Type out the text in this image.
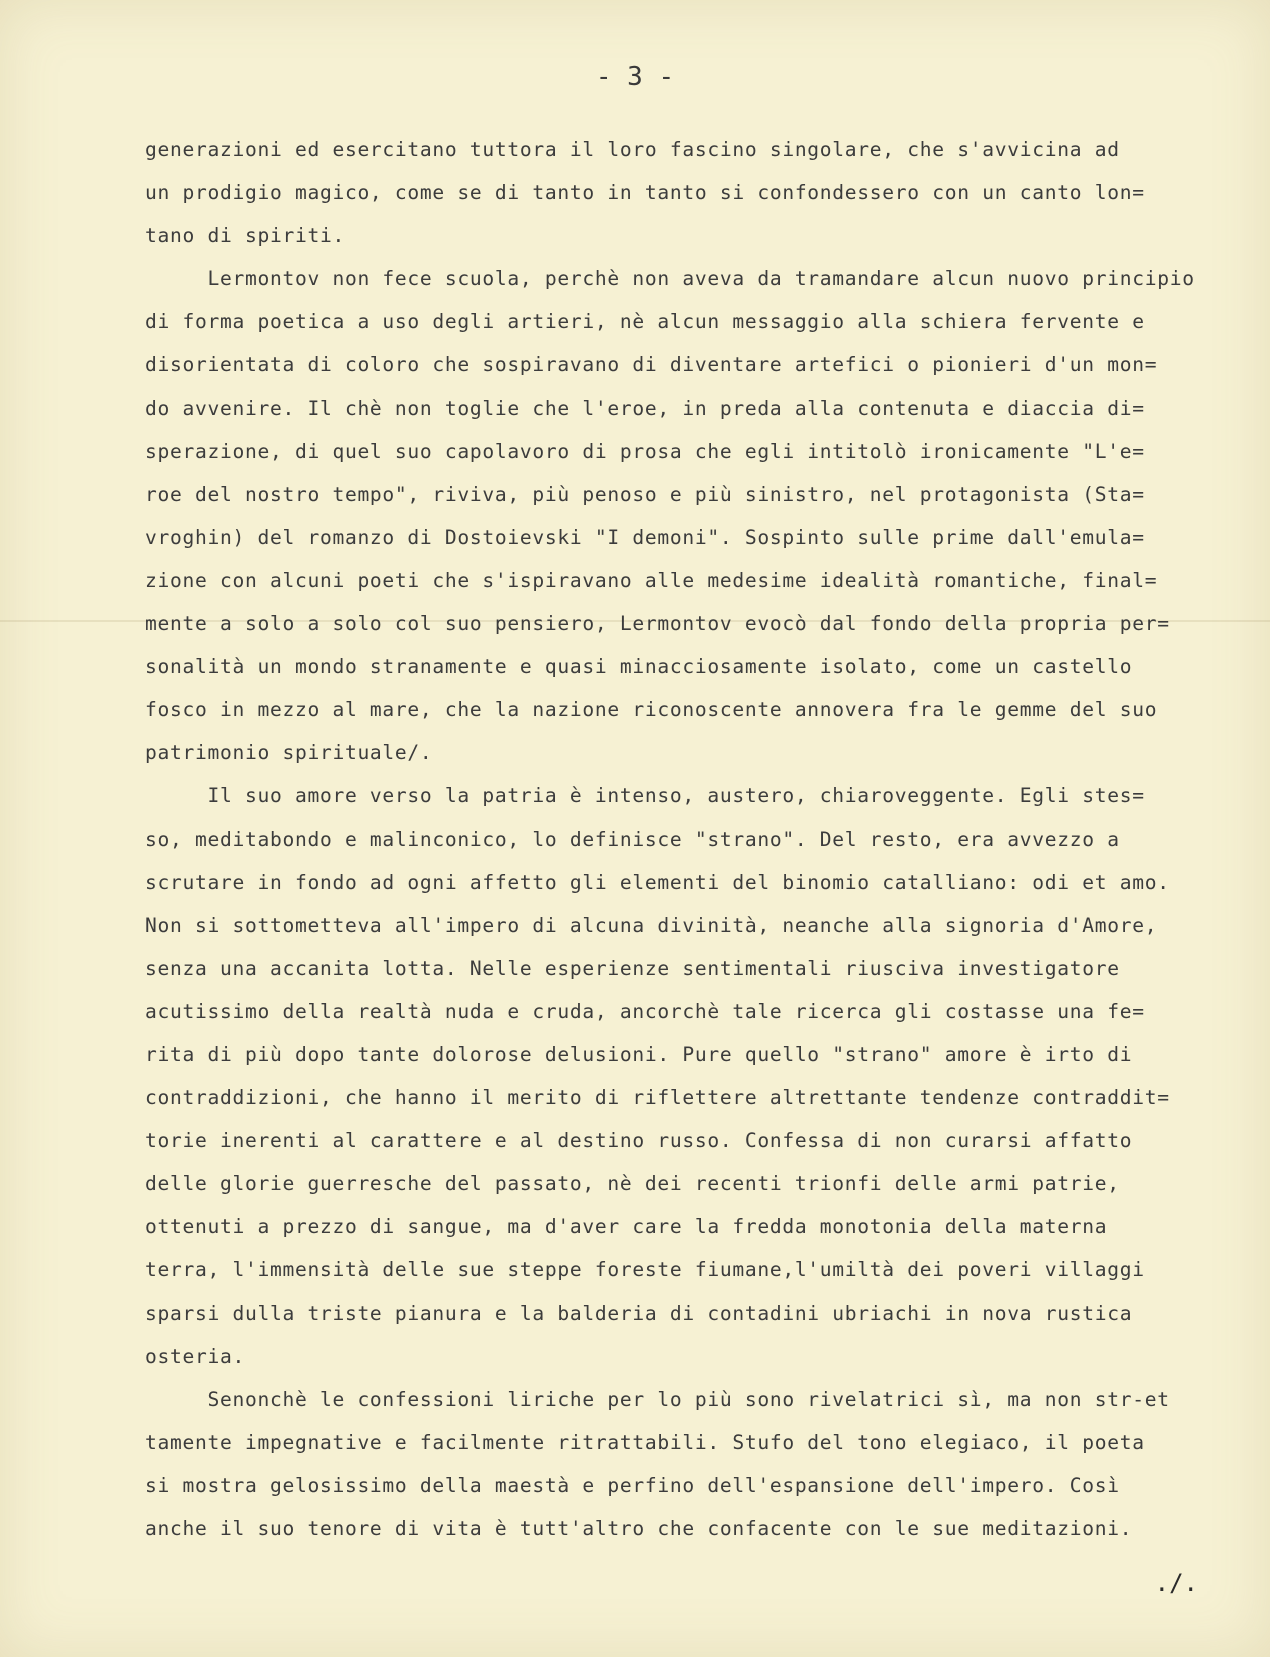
- 3 -
generazioni ed esercitano tuttora il loro fascino singolare, che s'avvicina ad
un prodigio magico, come se di tanto in tanto si confondessero con un canto lon=
tano di spiriti.
Lermontov non fece scuola, perchè non aveva da tramandare alcun nuovo principio
di forma poetica a uso degli artieri, nè alcun messaggio alla schiera fervente e
disorientata di coloro che sospiravano di diventare artefici o pionieri d'un mon=
do avvenire. Il chè non toglie che l'eroe, in preda alla contenuta e diaccia di=
sperazione, di quel suo capolavoro di prosa che egli intitolò ironicamente "L'e=
roe del nostro tempo", riviva, più penoso e più sinistro, nel protagonista (Sta=
vroghin) del romanzo di Dostoievski "I demoni". Sospinto sulle prime dall'emula=
zione con alcuni poeti che s'ispiravano alle medesime idealità romantiche, final=
mente a solo a solo col suo pensiero, Lermontov evocò dal fondo della propria per=
sonalità un mondo stranamente e quasi minacciosamente isolato, come un castello
fosco in mezzo al mare, che la nazione riconoscente annovera fra le gemme del suo
patrimonio spirituale/.
Il suo amore verso la patria è intenso, austero, chiaroveggente. Egli stes=
so, meditabondo e malinconico, lo definisce "strano". Del resto, era avvezzo a
scrutare in fondo ad ogni affetto gli elementi del binomio catalliano: odi et amo.
Non si sottometteva all'impero di alcuna divinità, neanche alla signoria d'Amore,
senza una accanita lotta. Nelle esperienze sentimentali riusciva investigatore
acutissimo della realtà nuda e cruda, ancorchè tale ricerca gli costasse una fe=
rita di più dopo tante dolorose delusioni. Pure quello "strano" amore è irto di
contraddizioni, che hanno il merito di riflettere altrettante tendenze contraddit=
torie inerenti al carattere e al destino russo. Confessa di non curarsi affatto
delle glorie guerresche del passato, nè dei recenti trionfi delle armi patrie,
ottenuti a prezzo di sangue, ma d'aver care la fredda monotonia della materna
terra, l'immensità delle sue steppe foreste fiumane,l'umiltà dei poveri villaggi
sparsi dulla triste pianura e la balderia di contadini ubriachi in nova rustica
osteria.
Senonchè le confessioni liriche per lo più sono rivelatrici sì, ma non str-et
tamente impegnative e facilmente ritrattabili. Stufo del tono elegiaco, il poeta
si mostra gelosissimo della maestà e perfino dell'espansione dell'impero. Così
anche il suo tenore di vita è tutt'altro che confacente con le sue meditazioni.
./.
